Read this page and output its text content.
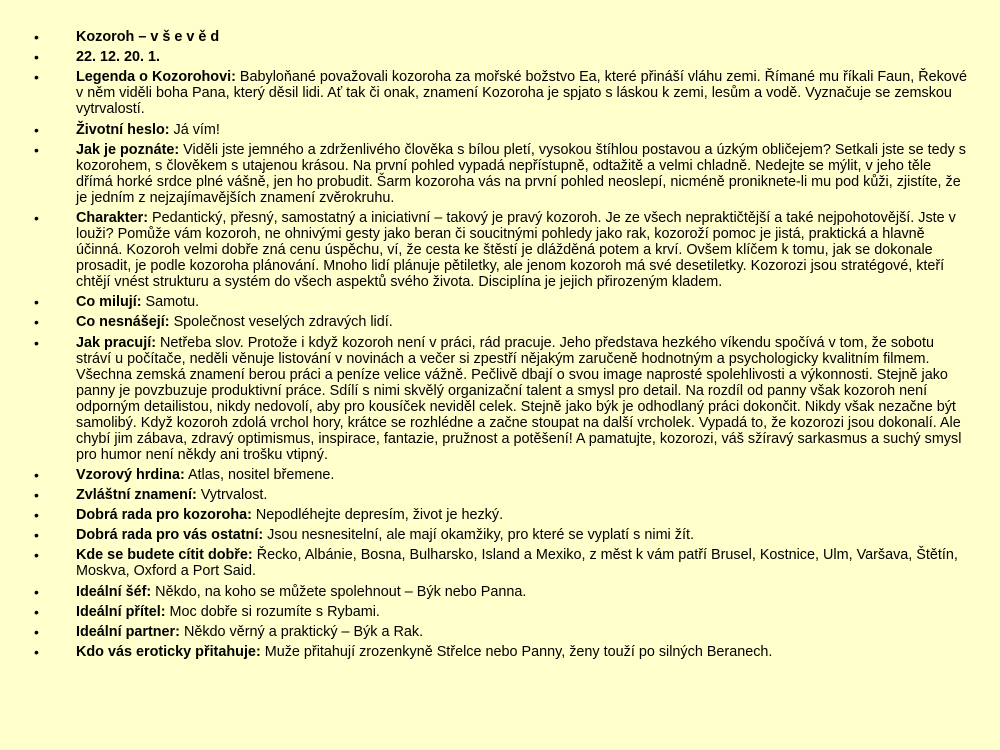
•	Kozoroh – v š e v ě d
•	22. 12. 20. 1.
•	Legenda o Kozorohovi: Babyloňané považovali kozoroha za mořské božstvo Ea, které přináší vláhu zemi. Římané mu říkali Faun, Řekové v něm viděli boha Pana, který děsil lidi. Ať tak či onak, znamení Kozoroha je spjato s láskou k zemi, lesům a vodě. Vyznačuje se zemskou vytrvalostí.
•	Životní heslo: Já vím!
•	Jak je poznáte: Viděli jste jemného a zdrženlivého člověka s bílou pletí, vysokou štíhlou postavou a úzkým obličejem? Setkali jste se tedy s kozorohem, s člověkem s utajenou krásou. Na první pohled vypadá nepřístupně, odtažitě a velmi chladně. Nedejte se mýlit, v jeho těle dřímá horké srdce plné vášně, jen ho probudit. Šarm kozoroha vás na první pohled neoslepí, nicméně proniknete-li mu pod kůži, zjistíte, že je jedním z nejzajímavějších znamení zvěrokruhu.
•	Charakter: Pedantický, přesný, samostatný a iniciativní – takový je pravý kozoroh. Je ze všech nepraktičtější a také nejpohotovější. Jste v louži? Pomůže vám kozoroh, ne ohnivými gesty jako beran či soucitnými pohledy jako rak, kozoroží pomoc je jistá, praktická a hlavně účinná. Kozoroh velmi dobře zná cenu úspěchu, ví, že cesta ke štěstí je dlážděná potem a krví. Ovšem klíčem k tomu, jak se dokonale prosadit, je podle kozoroha plánování. Mnoho lidí plánuje pětiletky, ale jenom kozoroh má své desetiletky. Kozorozi jsou stratégové, kteří chtějí vnést strukturu a systém do všech aspektů svého života. Disciplína je jejich přirozeným kladem.
•	Co milují: Samotu.
•	Co nesnášejí: Společnost veselých zdravých lidí.
•	Jak pracují: Netřeba slov. Protože i když kozoroh není v práci, rád pracuje. Jeho představa hezkého víkendu spočívá v tom, že sobotu stráví u počítače, neděli věnuje listování v novinách a večer si zpestří nějakým zaručeně hodnotným a psychologicky kvalitním filmem. Všechna zemská znamení berou práci a peníze velice vážně. Pečlivě dbají o svou image naprosté spolehlivosti a výkonnosti. Stejně jako panny je povzbuzuje produktivní práce. Sdílí s nimi skvělý organizační talent a smysl pro detail. Na rozdíl od panny však kozoroh není odporným detailistou, nikdy nedovolí, aby pro kousíček neviděl celek. Stejně jako býk je odhodlaný práci dokončit. Nikdy však nezačne být samolibý. Když kozoroh zdolá vrchol hory, krátce se rozhlédne a začne stoupat na další vrcholek. Vypadá to, že kozorozi jsou dokonalí. Ale chybí jim zábava, zdravý optimismus, inspirace, fantazie, pružnost a potěšení! A pamatujte, kozorozi, váš sžíravý sarkasmus a suchý smysl pro humor není někdy ani trošku vtipný.
•	Vzorový hrdina: Atlas, nositel břemene.
•	Zvláštní znamení: Vytrvalost.
•	Dobrá rada pro kozoroha: Nepodléhejte depresím, život je hezký.
•	Dobrá rada pro vás ostatní: Jsou nesnesitelní, ale mají okamžiky, pro které se vyplatí s nimi žít.
•	Kde se budete cítit dobře: Řecko, Albánie, Bosna, Bulharsko, Island a Mexiko, z měst k vám patří Brusel, Kostnice, Ulm, Varšava, Štětín, Moskva, Oxford a Port Said.
•	Ideální šéf: Někdo, na koho se můžete spolehnout – Býk nebo Panna.
•	Ideální přítel: Moc dobře si rozumíte s Rybami.
•	Ideální partner: Někdo věrný a praktický – Býk a Rak.
•	Kdo vás eroticky přitahuje: Muže přitahují zrozenkyně Střelce nebo Panny, ženy touží po silných Beranech.
